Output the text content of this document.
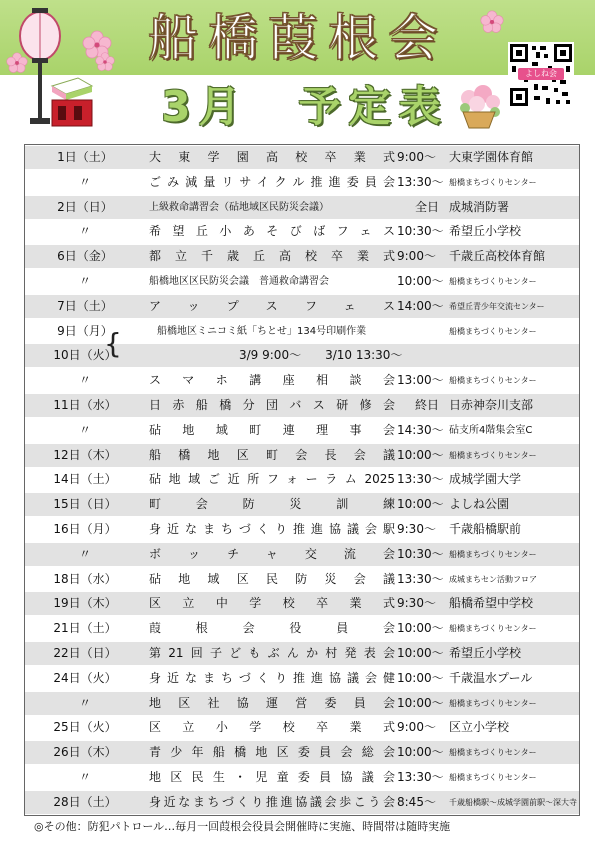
船橋葭根会
3月　予定表
よしね会
1日（土）	大東学園高校卒業式 9:00～ 大東学園体育館
〃	ごみ減量リサイクル推進委員会 13:30～ 船橋まちづくりセンター
2日（日）	上級救命講習会（砧地域区民防災会議）	全日 成城消防署
〃	希望丘小あそびばフェス 10:30～ 希望丘小学校
6日（金）	都立千歳丘高校卒業式 9:00～ 千歳丘高校体育館
〃	船橋地区区民防災会議　普通救命講習会	10:00～ 船橋まちづくりセンター
7日（土）	アップスフェス 14:00～ 希望丘青少年交流センター
9日（月）	船橋地区ミニコミ紙「ちとせ」134号印刷作業	船橋まちづくりセンター
10日（火）	3/9 9:00～　　3/10 13:30～
〃	スマホ講座相談会 13:00～ 船橋まちづくりセンター
11日（水）	日赤船橋分団バス研修会 終日 日赤神奈川支部
〃	砧地域町連理事会 14:30～ 砧支所4階集会室C
12日（木）	船橋地区町会長会議 10:00～ 船橋まちづくりセンター
14日（土）	砧地域ご近所フォーラム2025 13:30～ 成城学園大学
15日（日）	町会防災訓練 10:00～ よしね公園
16日（月）	身近なまちづくり推進協議会駅 9:30～ 千歳船橋駅前
〃	ボッチャ交流会 10:30～ 船橋まちづくりセンター
18日（水）	砧地域区民防災会議 13:30～ 成城まちセン活動フロア
19日（木）	区立中学校卒業式 9:30～ 船橋希望中学校
21日（土）	葭根会役員会 10:00～ 船橋まちづくりセンター
22日（日）	第21回子どもぶんか村発表会 10:00～ 希望丘小学校
24日（火）	身近なまちづくり推進協議会健 10:00～ 千歳温水プール
〃	地区社協運営委員会 10:00～ 船橋まちづくりセンター
25日（火）	区立小学校卒業式 9:00～ 区立小学校
26日（木）	青少年船橋地区委員会総会 10:00～ 船橋まちづくりセンター
〃	地区民生・児童委員協議会 13:30～ 船橋まちづくりセンター
28日（土）	身近なまちづくり推進協議会歩こう会 8:45～ 千歳船橋駅～成城学園前駅～深大寺
{
◎その他：防犯パトロール…毎月一回葭根会役員会開催時に実施、時間帯は随時実施
